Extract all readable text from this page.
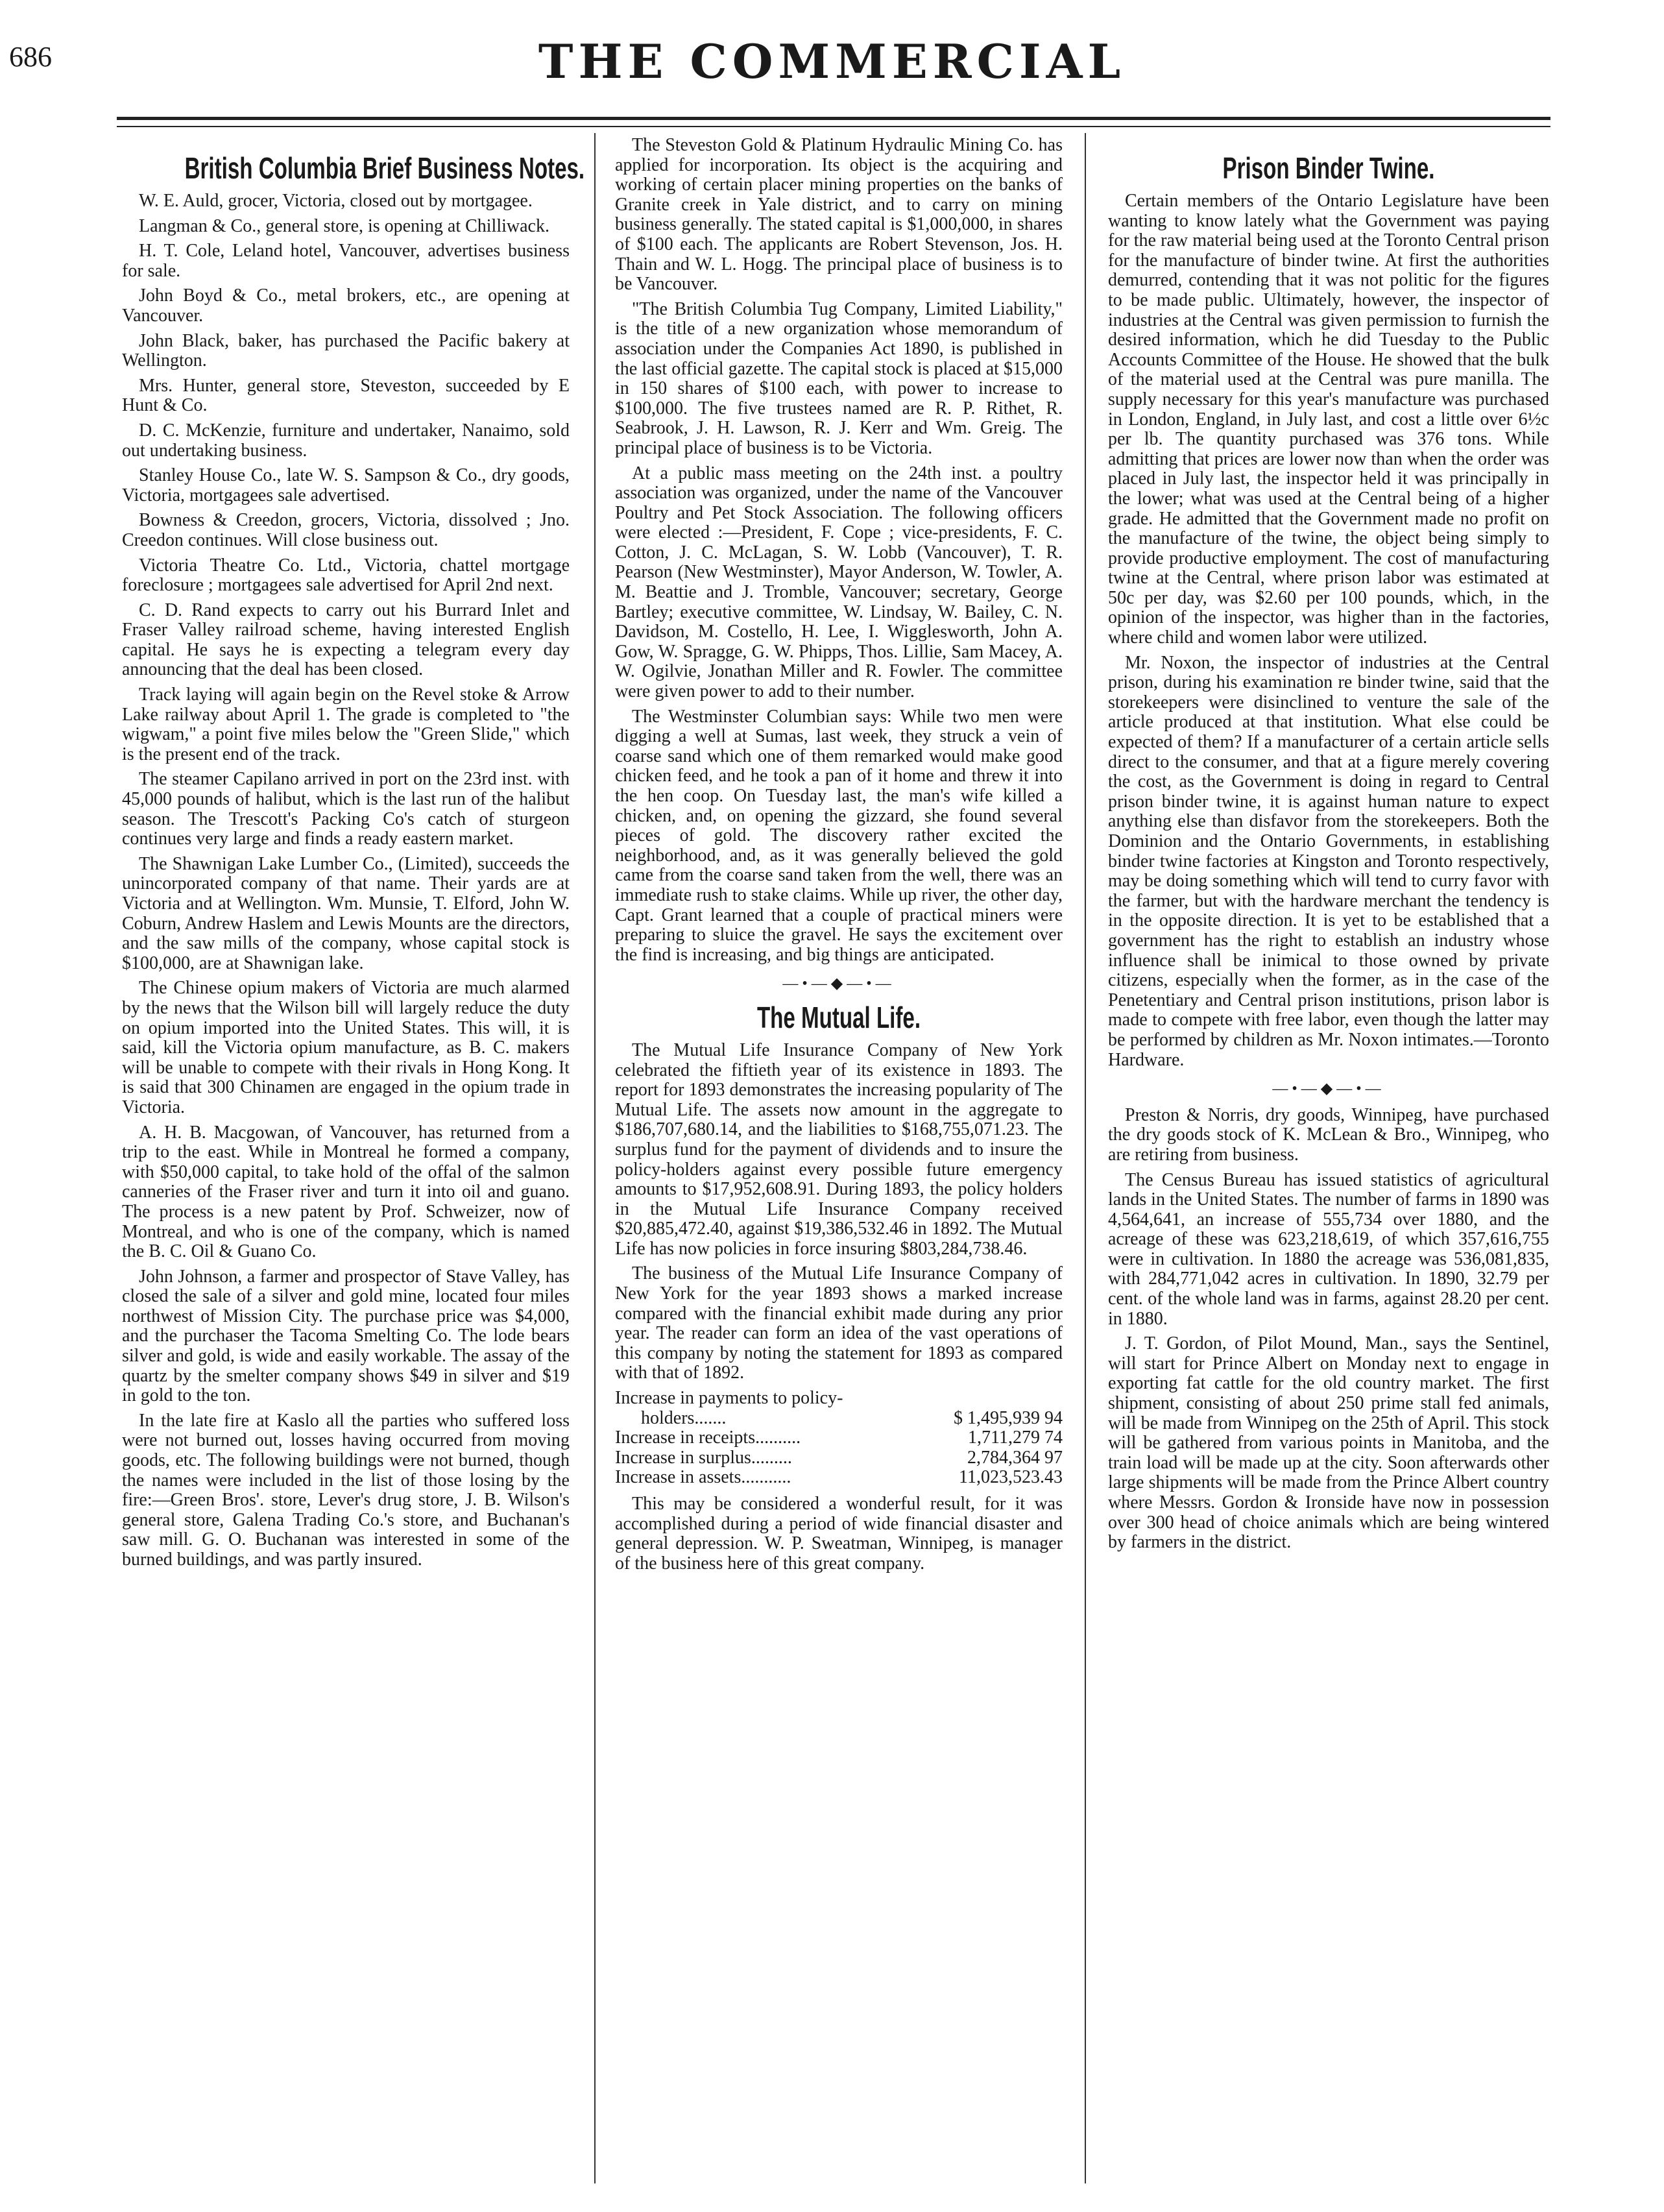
686	THE COMMERCIAL
British Columbia Brief Business Notes.

W. E. Auld, grocer, Victoria, closed out by mortgagee.

Langman & Co., general store, is opening at Chilliwack.

H. T. Cole, Leland hotel, Vancouver, advertises business for sale.

John Boyd & Co., metal brokers, etc., are opening at Vancouver.

John Black, baker, has purchased the Pacific bakery at Wellington.

Mrs. Hunter, general store, Steveston, succeeded by E Hunt & Co.

D. C. McKenzie, furniture and undertaker, Nanaimo, sold out undertaking business.

Stanley House Co., late W. S. Sampson & Co., dry goods, Victoria, mortgagees sale advertised.

Bowness & Creedon, grocers, Victoria, dissolved ; Jno. Creedon continues. Will close business out.

Victoria Theatre Co. Ltd., Victoria, chattel mortgage foreclosure ; mortgagees sale advertised for April 2nd next.

C. D. Rand expects to carry out his Burrard Inlet and Fraser Valley railroad scheme, having interested English capital. He says he is expecting a telegram every day announcing that the deal has been closed.

Track laying will again begin on the Revel stoke & Arrow Lake railway about April 1. The grade is completed to "the wigwam," a point five miles below the "Green Slide," which is the present end of the track.

The steamer Capilano arrived in port on the 23rd inst. with 45,000 pounds of halibut, which is the last run of the halibut season. The Trescott's Packing Co's catch of sturgeon continues very large and finds a ready eastern market.

The Shawnigan Lake Lumber Co., (Limited), succeeds the unincorporated company of that name. Their yards are at Victoria and at Wellington. Wm. Munsie, T. Elford, John W. Coburn, Andrew Haslem and Lewis Mounts are the directors, and the saw mills of the company, whose capital stock is $100,000, are at Shawnigan lake.

The Chinese opium makers of Victoria are much alarmed by the news that the Wilson bill will largely reduce the duty on opium imported into the United States. This will, it is said, kill the Victoria opium manufacture, as B. C. makers will be unable to compete with their rivals in Hong Kong. It is said that 300 Chinamen are engaged in the opium trade in Victoria.

A. H. B. Macgowan, of Vancouver, has returned from a trip to the east. While in Montreal he formed a company, with $50,000 capital, to take hold of the offal of the salmon canneries of the Fraser river and turn it into oil and guano. The process is a new patent by Prof. Schweizer, now of Montreal, and who is one of the company, which is named the B. C. Oil & Guano Co.

John Johnson, a farmer and prospector of Stave Valley, has closed the sale of a silver and gold mine, located four miles northwest of Mission City. The purchase price was $4,000, and the purchaser the Tacoma Smelting Co. The lode bears silver and gold, is wide and easily workable. The assay of the quartz by the smelter company shows $49 in silver and $19 in gold to the ton.

In the late fire at Kaslo all the parties who suffered loss were not burned out, losses having occurred from moving goods, etc. The following buildings were not burned, though the names were included in the list of those losing by the fire:—Green Bros'. store, Lever's drug store, J. B. Wilson's general store, Galena Trading Co.'s store, and Buchanan's saw mill. G. O. Buchanan was interested in some of the burned buildings, and was partly insured.

The Steveston Gold & Platinum Hydraulic Mining Co. has applied for incorporation. Its object is the acquiring and working of certain placer mining properties on the banks of Granite creek in Yale district, and to carry on mining business generally. The stated capital is $1,000,000, in shares of $100 each. The applicants are Robert Stevenson, Jos. H. Thain and W. L. Hogg. The principal place of business is to be Vancouver.

"The British Columbia Tug Company, Limited Liability," is the title of a new organization whose memorandum of association under the Companies Act 1890, is published in the last official gazette. The capital stock is placed at $15,000 in 150 shares of $100 each, with power to increase to $100,000. The five trustees named are R. P. Rithet, R. Seabrook, J. H. Lawson, R. J. Kerr and Wm. Greig. The principal place of business is to be Victoria.

At a public mass meeting on the 24th inst. a poultry association was organized, under the name of the Vancouver Poultry and Pet Stock Association. The following officers were elected :—President, F. Cope ; vice-presidents, F. C. Cotton, J. C. McLagan, S. W. Lobb (Vancouver), T. R. Pearson (New Westminster), Mayor Anderson, W. Towler, A. M. Beattie and J. Tromble, Vancouver; secretary, George Bartley; executive committee, W. Lindsay, W. Bailey, C. N. Davidson, M. Costello, H. Lee, I. Wigglesworth, John A. Gow, W. Spragge, G. W. Phipps, Thos. Lillie, Sam Macey, A. W. Ogilvie, Jonathan Miller and R. Fowler. The committee were given power to add to their number.

The Westminster Columbian says: While two men were digging a well at Sumas, last week, they struck a vein of coarse sand which one of them remarked would make good chicken feed, and he took a pan of it home and threw it into the hen coop. On Tuesday last, the man's wife killed a chicken, and, on opening the gizzard, she found several pieces of gold. The discovery rather excited the neighborhood, and, as it was generally believed the gold came from the coarse sand taken from the well, there was an immediate rush to stake claims. While up river, the other day, Capt. Grant learned that a couple of practical miners were preparing to sluice the gravel. He says the excitement over the find is increasing, and big things are anticipated.

—•—◆—•—
The Mutual Life.

The Mutual Life Insurance Company of New York celebrated the fiftieth year of its existence in 1893. The report for 1893 demonstrates the increasing popularity of The Mutual Life. The assets now amount in the aggregate to $186,707,680.14, and the liabilities to $168,755,071.23. The surplus fund for the payment of dividends and to insure the policy-holders against every possible future emergency amounts to $17,952,608.91. During 1893, the policy holders in the Mutual Life Insurance Company received $20,885,472.40, against $19,386,532.46 in 1892. The Mutual Life has now policies in force insuring $803,284,738.46.

The business of the Mutual Life Insurance Company of New York for the year 1893 shows a marked increase compared with the financial exhibit made during any prior year. The reader can form an idea of the vast operations of this company by noting the statement for 1893 as compared with that of 1892.

Increase in payments to policy-
holders.......	$ 1,495,939 94
Increase in receipts..........	1,711,279 74
Increase in surplus.........	2,784,364 97
Increase in assets...........	11,023,523.43

This may be considered a wonderful result, for it was accomplished during a period of wide financial disaster and general depression. W. P. Sweatman, Winnipeg, is manager of the business here of this great company.

Prison Binder Twine.

Certain members of the Ontario Legislature have been wanting to know lately what the Government was paying for the raw material being used at the Toronto Central prison for the manufacture of binder twine. At first the authorities demurred, contending that it was not politic for the figures to be made public. Ultimately, however, the inspector of industries at the Central was given permission to furnish the desired information, which he did Tuesday to the Public Accounts Committee of the House. He showed that the bulk of the material used at the Central was pure manilla. The supply necessary for this year's manufacture was purchased in London, England, in July last, and cost a little over 6½c per lb. The quantity purchased was 376 tons. While admitting that prices are lower now than when the order was placed in July last, the inspector held it was principally in the lower; what was used at the Central being of a higher grade. He admitted that the Government made no profit on the manufacture of the twine, the object being simply to provide productive employment. The cost of manufacturing twine at the Central, where prison labor was estimated at 50c per day, was $2.60 per 100 pounds, which, in the opinion of the inspector, was higher than in the factories, where child and women labor were utilized.

Mr. Noxon, the inspector of industries at the Central prison, during his examination re binder twine, said that the storekeepers were disinclined to venture the sale of the article produced at that institution. What else could be expected of them? If a manufacturer of a certain article sells direct to the consumer, and that at a figure merely covering the cost, as the Government is doing in regard to Central prison binder twine, it is against human nature to expect anything else than disfavor from the storekeepers. Both the Dominion and the Ontario Governments, in establishing binder twine factories at Kingston and Toronto respectively, may be doing something which will tend to curry favor with the farmer, but with the hardware merchant the tendency is in the opposite direction. It is yet to be established that a government has the right to establish an industry whose influence shall be inimical to those owned by private citizens, especially when the former, as in the case of the Penetentiary and Central prison institutions, prison labor is made to compete with free labor, even though the latter may be performed by children as Mr. Noxon intimates.—Toronto Hardware.

—•—◆—•—

Preston & Norris, dry goods, Winnipeg, have purchased the dry goods stock of K. McLean & Bro., Winnipeg, who are retiring from business.

The Census Bureau has issued statistics of agricultural lands in the United States. The number of farms in 1890 was 4,564,641, an increase of 555,734 over 1880, and the acreage of these was 623,218,619, of which 357,616,755 were in cultivation. In 1880 the acreage was 536,081,835, with 284,771,042 acres in cultivation. In 1890, 32.79 per cent. of the whole land was in farms, against 28.20 per cent. in 1880.

J. T. Gordon, of Pilot Mound, Man., says the Sentinel, will start for Prince Albert on Monday next to engage in exporting fat cattle for the old country market. The first shipment, consisting of about 250 prime stall fed animals, will be made from Winnipeg on the 25th of April. This stock will be gathered from various points in Manitoba, and the train load will be made up at the city. Soon afterwards other large shipments will be made from the Prince Albert country where Messrs. Gordon & Ironside have now in possession over 300 head of choice animals which are being wintered by farmers in the district.
